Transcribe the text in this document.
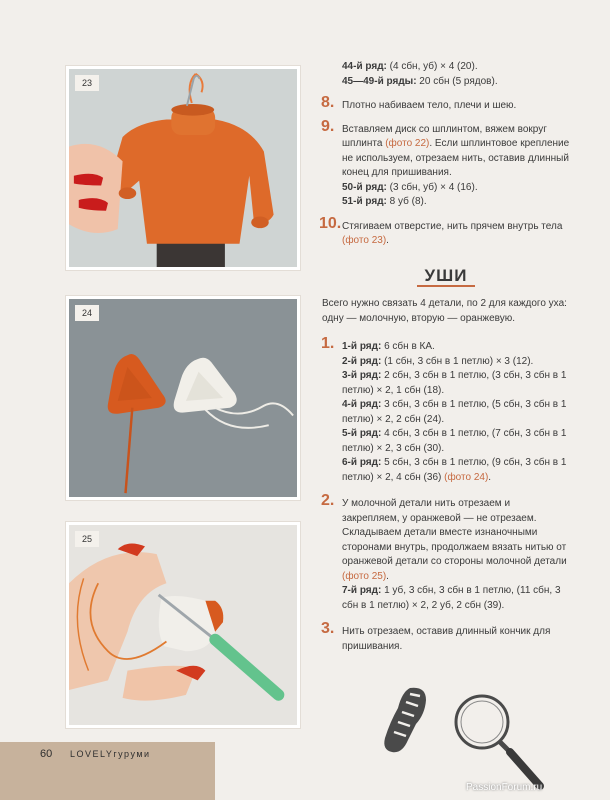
23
24
25
44-й ряд: (4 сбн, уб) × 4 (20).
45—49-й ряды: 20 сбн (5 рядов).
8. Плотно набиваем тело, плечи и шею.
9. Вставляем диск со шплинтом, вяжем вокруг шплинта (фото 22). Если шплинтовое крепление не используем, отрезаем нить, оставив длинный конец для пришивания.
50-й ряд: (3 сбн, уб) × 4 (16).
51-й ряд: 8 уб (8).
10. Стягиваем отверстие, нить прячем внутрь тела (фото 23).
УШИ
Всего нужно связать 4 детали, по 2 для каждого уха: одну — молочную, вторую — оранжевую.
1. 1-й ряд: 6 сбн в КА.
2-й ряд: (1 сбн, 3 сбн в 1 петлю) × 3 (12).
3-й ряд: 2 сбн, 3 сбн в 1 петлю, (3 сбн, 3 сбн в 1 петлю) × 2, 1 сбн (18).
4-й ряд: 3 сбн, 3 сбн в 1 петлю, (5 сбн, 3 сбн в 1 петлю) × 2, 2 сбн (24).
5-й ряд: 4 сбн, 3 сбн в 1 петлю, (7 сбн, 3 сбн в 1 петлю) × 2, 3 сбн (30).
6-й ряд: 5 сбн, 3 сбн в 1 петлю, (9 сбн, 3 сбн в 1 петлю) × 2, 4 сбн (36) (фото 24).
2. У молочной детали нить отрезаем и закрепляем, у оранжевой — не отрезаем. Складываем детали вместе изнаночными сторонами внутрь, продолжаем вязать нитью от оранжевой детали со стороны молочной детали (фото 25).
7-й ряд: 1 уб, 3 сбн, 3 сбн в 1 петлю, (11 сбн, 3 сбн в 1 петлю) × 2, 2 уб, 2 сбн (39).
3. Нить отрезаем, оставив длинный кончик для пришивания.
60 LOVELYгуруми
PassionForum.ru
